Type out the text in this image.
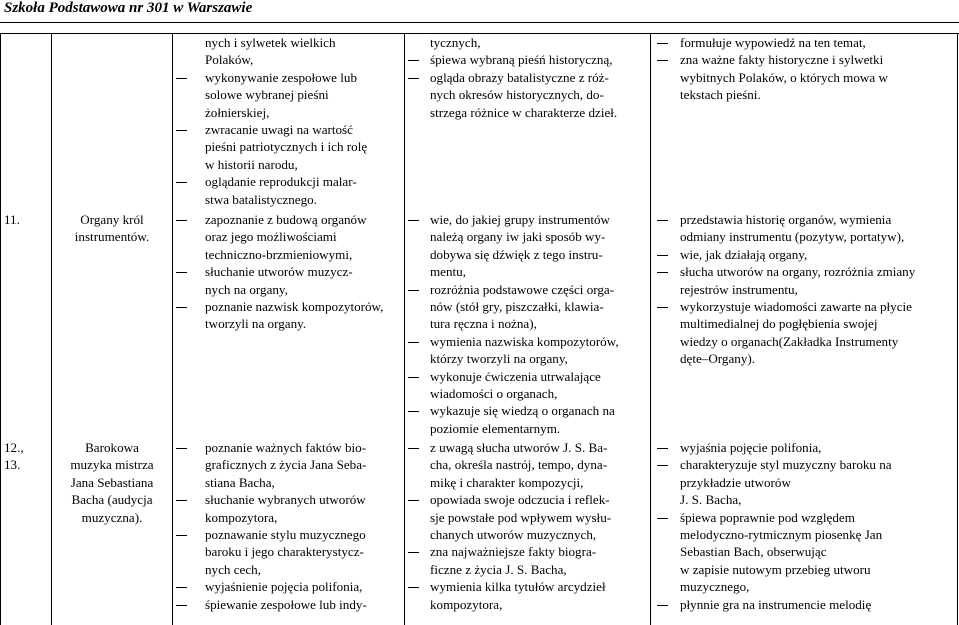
Szkoła Podstawowa nr 301 w Warszawie
nych i sylwetek wielkich
Polaków,
wykonywanie zespołowe lub
solowe wybranej pieśni
żołnierskiej,
zwracanie uwagi na wartość
pieśni patriotycznych i ich rolę
w historii narodu,
oglądanie reprodukcji malar-
stwa batalistycznego.
tycznych,
śpiewa wybraną pieśń historyczną,
ogląda obrazy batalistyczne z róż-
nych okresów historycznych, do-
strzega różnice w charakterze dzieł.
formułuje wypowiedź na ten temat,
zna ważne fakty historyczne i sylwetki
wybitnych Polaków, o których mowa w
tekstach pieśni.
11.	Organy król
instrumentów.
zapoznanie z budową organów
oraz jego możliwościami
techniczno-brzmieniowymi,
słuchanie utworów muzycz-
nych na organy,
poznanie nazwisk kompozytorów,
tworzyli na organy.
wie, do jakiej grupy instrumentów
należą organy iw jaki sposób wy-
dobywa się dźwięk z tego instru-
mentu,
rozróżnia podstawowe części orga-
nów (stół gry, piszczałki, klawia-
tura ręczna i nożna),
wymienia nazwiska kompozytorów,
którzy tworzyli na organy,
wykonuje ćwiczenia utrwalające
wiadomości o organach,
wykazuje się wiedzą o organach na
poziomie elementarnym.
przedstawia historię organów, wymienia
odmiany instrumentu (pozytyw, portatyw),
wie, jak działają organy,
słucha utworów na organy, rozróżnia zmiany
rejestrów instrumentu,
wykorzystuje wiadomości zawarte na płycie
multimedialnej do pogłębienia swojej
wiedzy o organach(Zakładka Instrumenty
dęte–Organy).
12.,
13.
Barokowa
muzyka mistrza
Jana Sebastiana
Bacha (audycja
muzyczna).
poznanie ważnych faktów bio-
graficznych z życia Jana Seba-
stiana Bacha,
słuchanie wybranych utworów
kompozytora,
poznawanie stylu muzycznego
baroku i jego charakterystycz-
nych cech,
wyjaśnienie pojęcia polifonia,
śpiewanie zespołowe lub indy-
z uwagą słucha utworów J. S. Ba-
cha, określa nastrój, tempo, dyna-
mikę i charakter kompozycji,
opowiada swoje odczucia i reflek-
sje powstałe pod wpływem wysłu-
chanych utworów muzycznych,
zna najważniejsze fakty biogra-
ficzne z życia J. S. Bacha,
wymienia kilka tytułów arcydzieł
kompozytora,
wyjaśnia pojęcie polifonia,
charakteryzuje styl muzyczny baroku na
przykładzie utworów
J. S. Bacha,
śpiewa poprawnie pod względem
melodyczno-rytmicznym piosenkę Jan
Sebastian Bach, obserwując
w zapisie nutowym przebieg utworu
muzycznego,
płynnie gra na instrumencie melodię
